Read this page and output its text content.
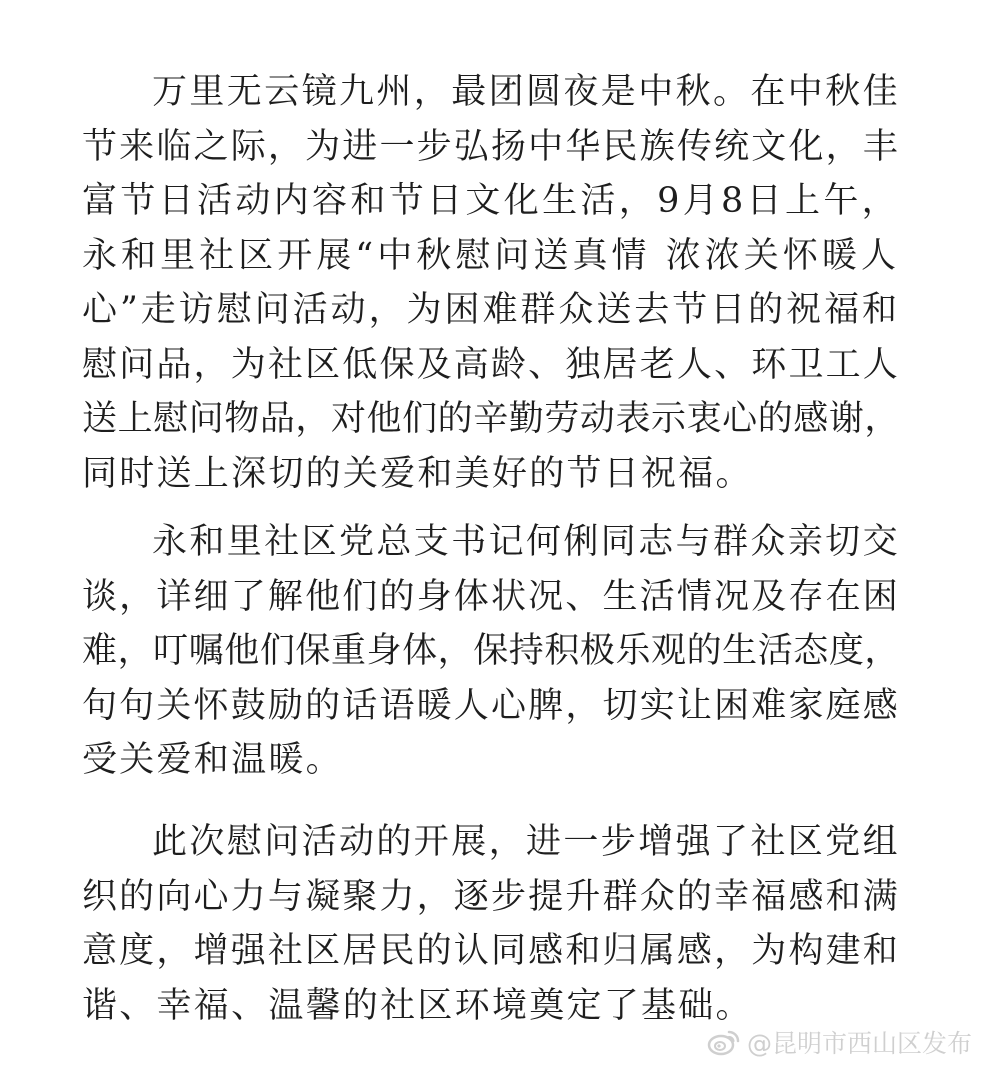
万里无云镜九州，最团圆夜是中秋。在中秋佳
节来临之际，为进一步弘扬中华民族传统文化，丰
富节日活动内容和节日文化生活，9月8日上午，
永和里社区开展“中秋慰问送真情 浓浓关怀暖人
心”走访慰问活动，为困难群众送去节日的祝福和
慰问品，为社区低保及高龄、独居老人、环卫工人
送上慰问物品，对他们的辛勤劳动表示衷心的感谢，
同时送上深切的关爱和美好的节日祝福。
永和里社区党总支书记何俐同志与群众亲切交
谈，详细了解他们的身体状况、生活情况及存在困
难，叮嘱他们保重身体，保持积极乐观的生活态度，
句句关怀鼓励的话语暖人心脾，切实让困难家庭感
受关爱和温暖。
此次慰问活动的开展，进一步增强了社区党组
织的向心力与凝聚力，逐步提升群众的幸福感和满
意度，增强社区居民的认同感和归属感，为构建和
谐、幸福、温馨的社区环境奠定了基础。
@昆明市西山区发布
